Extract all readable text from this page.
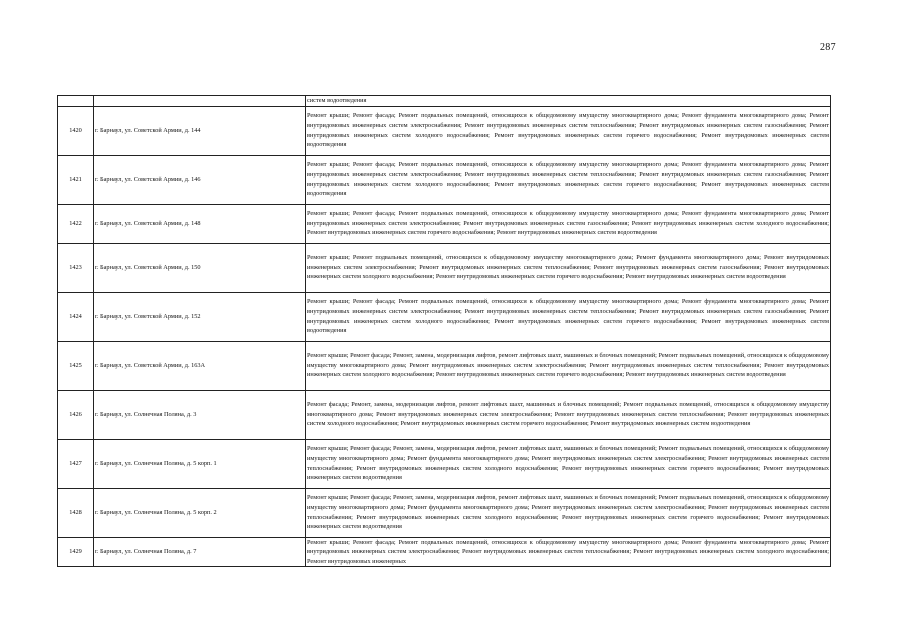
287
		систем водоотведения
1420	г. Барнаул, ул. Советской Армии, д. 144	Ремонт крыши; Ремонт фасада; Ремонт подвальных помещений, относящихся к общедомовому имуществу многоквартирного дома; Ремонт фундамента многоквартирного дома; Ремонт внутридомовых инженерных систем электроснабжения; Ремонт внутридомовых инженерных систем теплоснабжения; Ремонт внутридомовых инженерных систем газоснабжения; Ремонт внутридомовых инженерных систем холодного водоснабжения; Ремонт внутридомовых инженерных систем горячего водоснабжения; Ремонт внутридомовых инженерных систем водоотведения
1421	г. Барнаул, ул. Советской Армии, д. 146	Ремонт крыши; Ремонт фасада; Ремонт подвальных помещений, относящихся к общедомовому имуществу многоквартирного дома; Ремонт фундамента многоквартирного дома; Ремонт внутридомовых инженерных систем электроснабжения; Ремонт внутридомовых инженерных систем теплоснабжения; Ремонт внутридомовых инженерных систем газоснабжения; Ремонт внутридомовых инженерных систем холодного водоснабжения; Ремонт внутридомовых инженерных систем горячего водоснабжения; Ремонт внутридомовых инженерных систем водоотведения
1422	г. Барнаул, ул. Советской Армии, д. 148	Ремонт крыши; Ремонт фасада; Ремонт подвальных помещений, относящихся к общедомовому имуществу многоквартирного дома; Ремонт фундамента многоквартирного дома; Ремонт внутридомовых инженерных систем электроснабжения; Ремонт внутридомовых инженерных систем газоснабжения; Ремонт внутридомовых инженерных систем холодного водоснабжения; Ремонт внутридомовых инженерных систем горячего водоснабжения; Ремонт внутридомовых инженерных систем водоотведения
1423	г. Барнаул, ул. Советской Армии, д. 150	Ремонт крыши; Ремонт подвальных помещений, относящихся к общедомовому имуществу многоквартирного дома; Ремонт фундамента многоквартирного дома; Ремонт внутридомовых инженерных систем электроснабжения; Ремонт внутридомовых инженерных систем теплоснабжения; Ремонт внутридомовых инженерных систем газоснабжения; Ремонт внутридомовых инженерных систем холодного водоснабжения; Ремонт внутридомовых инженерных систем горячего водоснабжения; Ремонт внутридомовых инженерных систем водоотведения
1424	г. Барнаул, ул. Советской Армии, д. 152	Ремонт крыши; Ремонт фасада; Ремонт подвальных помещений, относящихся к общедомовому имуществу многоквартирного дома; Ремонт фундамента многоквартирного дома; Ремонт внутридомовых инженерных систем электроснабжения; Ремонт внутридомовых инженерных систем теплоснабжения; Ремонт внутридомовых инженерных систем газоснабжения; Ремонт внутридомовых инженерных систем холодного водоснабжения; Ремонт внутридомовых инженерных систем горячего водоснабжения; Ремонт внутридомовых инженерных систем водоотведения
1425	г. Барнаул, ул. Советской Армии, д. 163А	Ремонт крыши; Ремонт фасада; Ремонт, замена, модернизация лифтов, ремонт лифтовых шахт, машинных и блочных помещений; Ремонт подвальных помещений, относящихся к общедомовому имуществу многоквартирного дома; Ремонт внутридомовых инженерных систем электроснабжения; Ремонт внутридомовых инженерных систем теплоснабжения; Ремонт внутридомовых инженерных систем холодного водоснабжения; Ремонт внутридомовых инженерных систем горячего водоснабжения; Ремонт внутридомовых инженерных систем водоотведения
1426	г. Барнаул, ул. Солнечная Поляна, д. 3	Ремонт фасада; Ремонт, замена, модернизация лифтов, ремонт лифтовых шахт, машинных и блочных помещений; Ремонт подвальных помещений, относящихся к общедомовому имуществу многоквартирного дома; Ремонт внутридомовых инженерных систем электроснабжения; Ремонт внутридомовых инженерных систем теплоснабжения; Ремонт внутридомовых инженерных систем холодного водоснабжения; Ремонт внутридомовых инженерных систем горячего водоснабжения; Ремонт внутридомовых инженерных систем водоотведения
1427	г. Барнаул, ул. Солнечная Поляна, д. 5 корп. 1	Ремонт крыши; Ремонт фасада; Ремонт, замена, модернизация лифтов, ремонт лифтовых шахт, машинных и блочных помещений; Ремонт подвальных помещений, относящихся к общедомовому имуществу многоквартирного дома; Ремонт фундамента многоквартирного дома; Ремонт внутридомовых инженерных систем электроснабжения; Ремонт внутридомовых инженерных систем теплоснабжения; Ремонт внутридомовых инженерных систем холодного водоснабжения; Ремонт внутридомовых инженерных систем горячего водоснабжения; Ремонт внутридомовых инженерных систем водоотведения
1428	г. Барнаул, ул. Солнечная Поляна, д. 5 корп. 2	Ремонт крыши; Ремонт фасада; Ремонт, замена, модернизация лифтов, ремонт лифтовых шахт, машинных и блочных помещений; Ремонт подвальных помещений, относящихся к общедомовому имуществу многоквартирного дома; Ремонт фундамента многоквартирного дома; Ремонт внутридомовых инженерных систем электроснабжения; Ремонт внутридомовых инженерных систем теплоснабжения; Ремонт внутридомовых инженерных систем холодного водоснабжения; Ремонт внутридомовых инженерных систем горячего водоснабжения; Ремонт внутридомовых инженерных систем водоотведения
1429	г. Барнаул, ул. Солнечная Поляна, д. 7	Ремонт крыши; Ремонт фасада; Ремонт подвальных помещений, относящихся к общедомовому имуществу многоквартирного дома; Ремонт фундамента многоквартирного дома; Ремонт внутридомовых инженерных систем электроснабжения; Ремонт внутридомовых инженерных систем теплоснабжения; Ремонт внутридомовых инженерных систем холодного водоснабжения; Ремонт внутридомовых инженерных
